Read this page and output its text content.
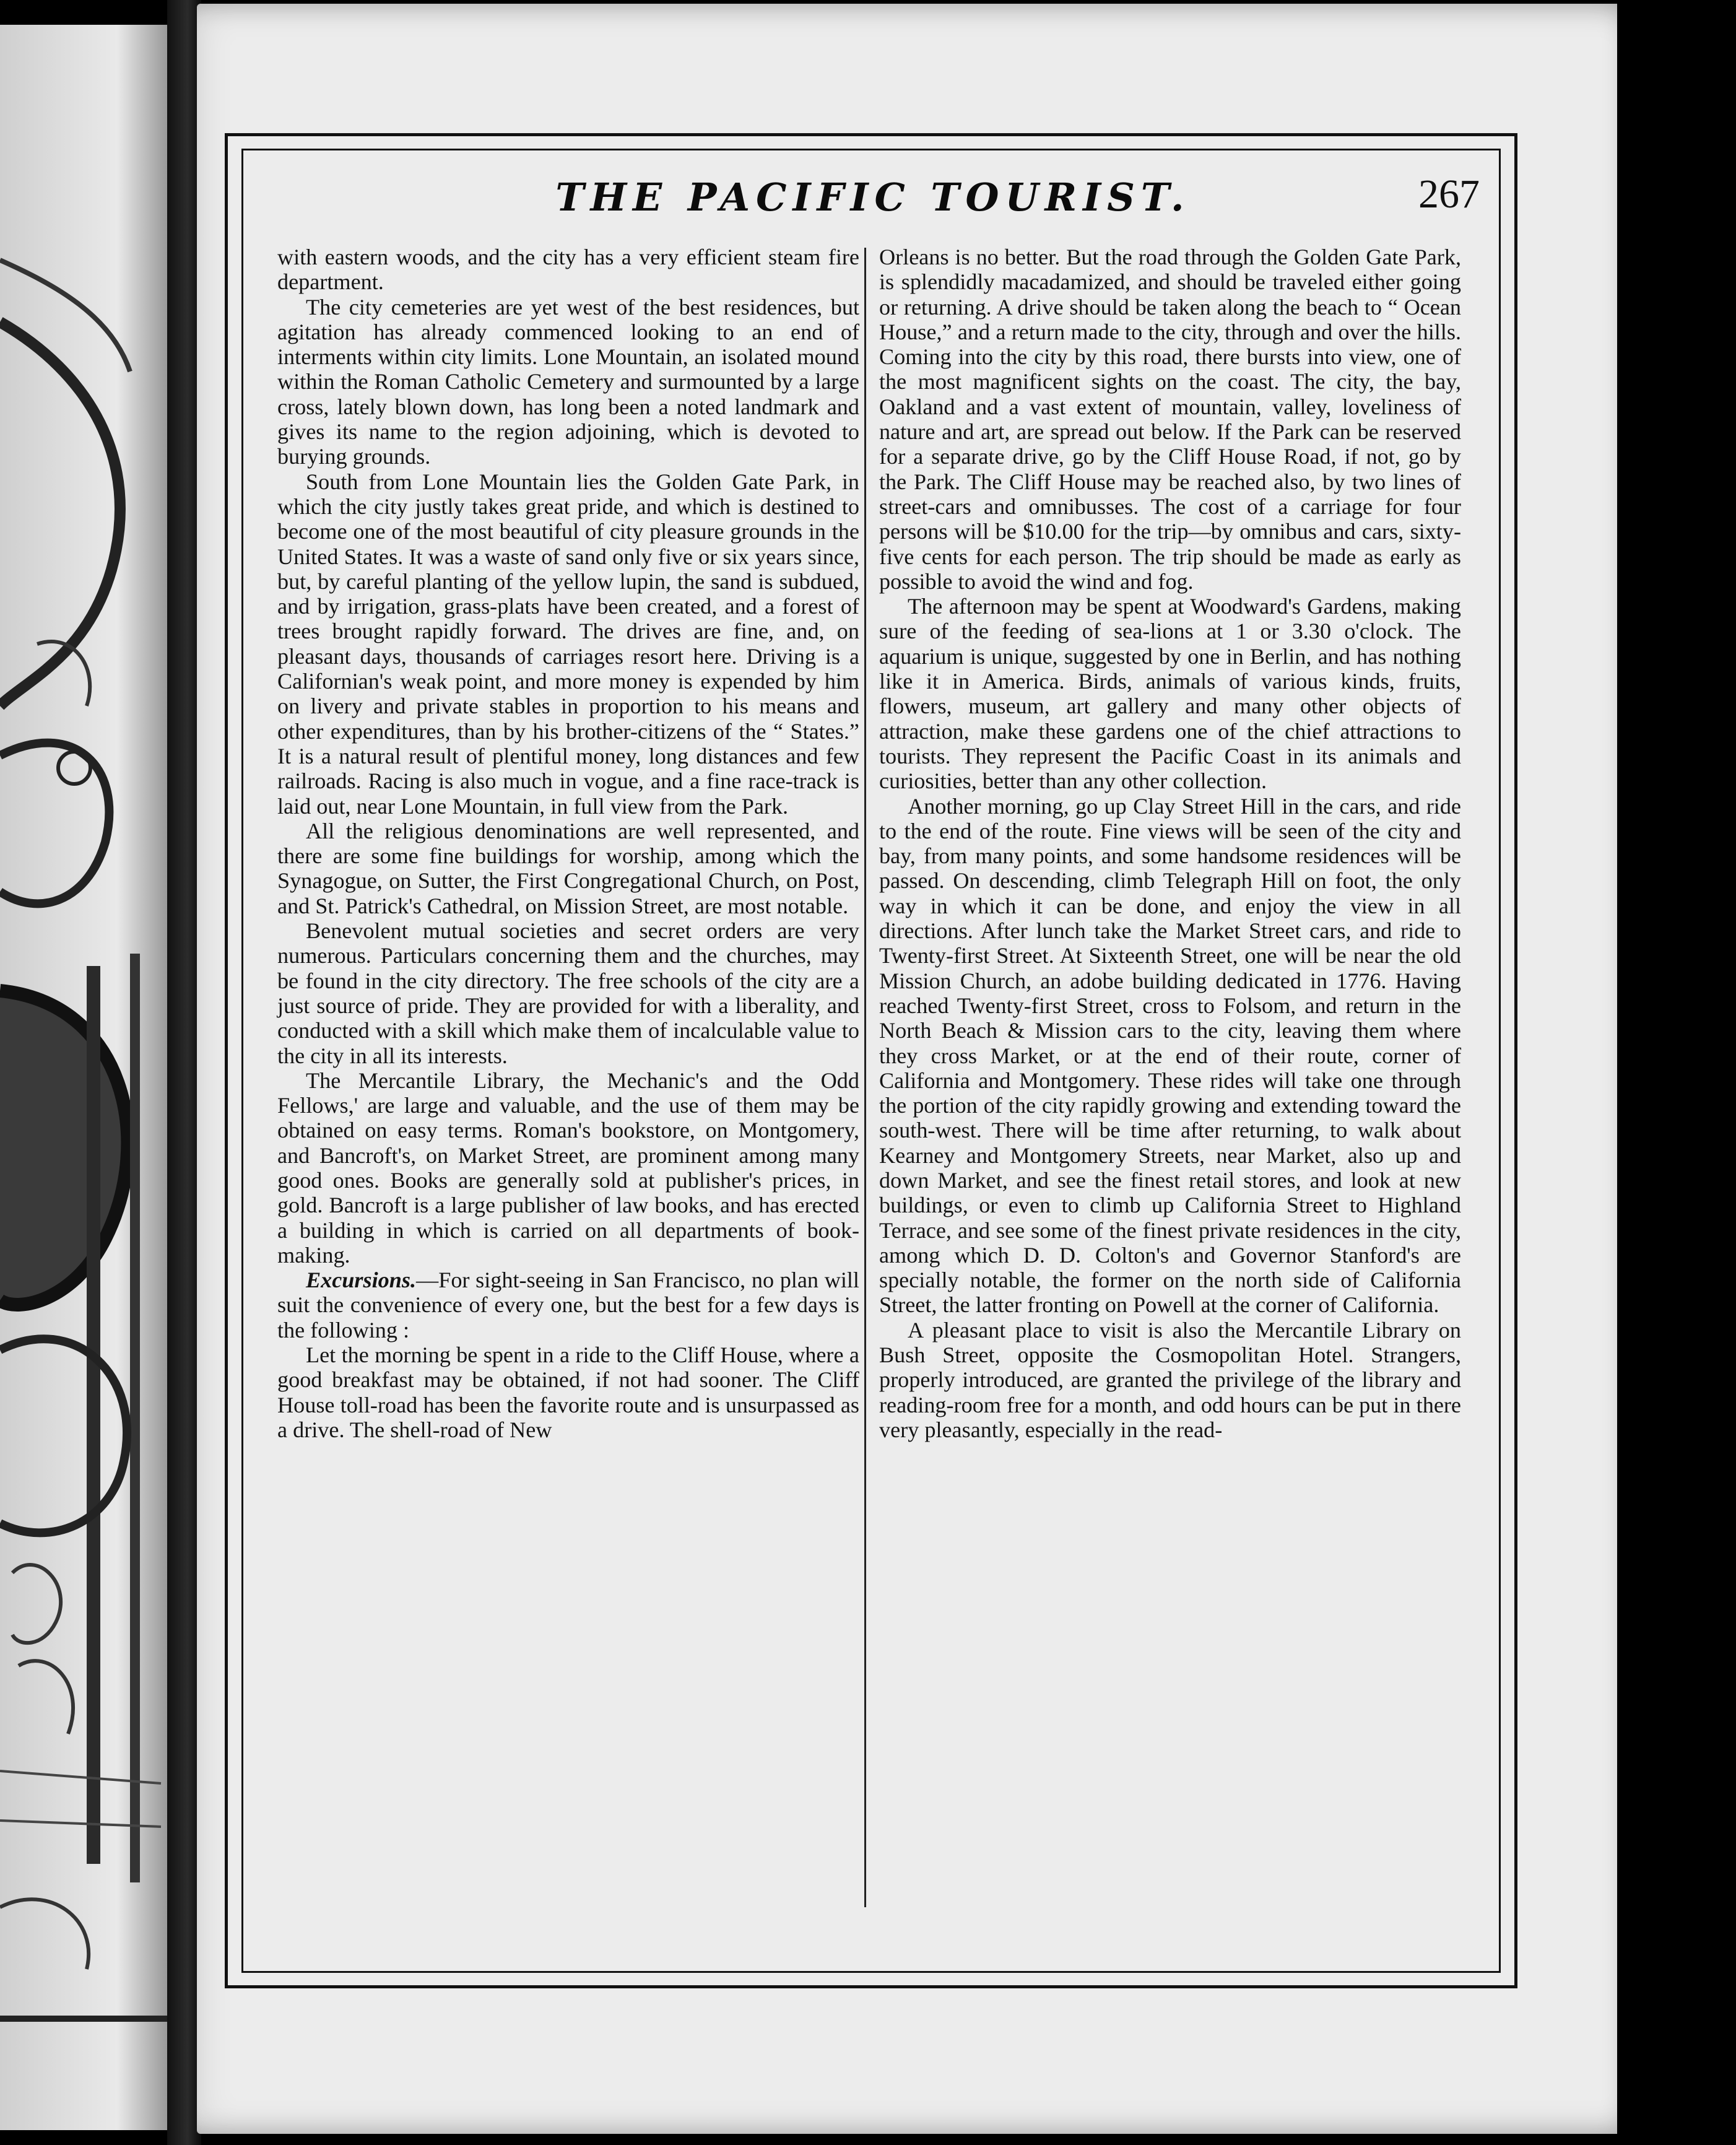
THE PACIFIC TOURIST.	267

with eastern woods, and the city has a very efficient steam fire department.

The city cemeteries are yet west of the best residences, but agitation has already commenced looking to an end of interments within city limits. Lone Mountain, an isolated mound within the Roman Catholic Cemetery and surmounted by a large cross, lately blown down, has long been a noted landmark and gives its name to the region adjoining, which is devoted to burying grounds.

South from Lone Mountain lies the Golden Gate Park, in which the city justly takes great pride, and which is destined to become one of the most beautiful of city pleasure grounds in the United States. It was a waste of sand only five or six years since, but, by careful planting of the yellow lupin, the sand is subdued, and by irrigation, grass-plats have been created, and a forest of trees brought rapidly forward. The drives are fine, and, on pleasant days, thousands of carriages resort here. Driving is a Californian's weak point, and more money is expended by him on livery and private stables in proportion to his means and other expenditures, than by his brother-citizens of the “ States.” It is a natural result of plentiful money, long distances and few railroads. Racing is also much in vogue, and a fine race-track is laid out, near Lone Mountain, in full view from the Park.

All the religious denominations are well represented, and there are some fine buildings for worship, among which the Synagogue, on Sutter, the First Congregational Church, on Post, and St. Patrick's Cathedral, on Mission Street, are most notable.

Benevolent mutual societies and secret orders are very numerous. Particulars concerning them and the churches, may be found in the city directory. The free schools of the city are a just source of pride. They are provided for with a liberality, and conducted with a skill which make them of incalculable value to the city in all its interests.

The Mercantile Library, the Mechanic's and the Odd Fellows,' are large and valuable, and the use of them may be obtained on easy terms. Roman's bookstore, on Montgomery, and Bancroft's, on Market Street, are prominent among many good ones. Books are generally sold at publisher's prices, in gold. Bancroft is a large publisher of law books, and has erected a building in which is carried on all departments of book-making.

Excursions.—For sight-seeing in San Francisco, no plan will suit the convenience of every one, but the best for a few days is the following :

Let the morning be spent in a ride to the Cliff House, where a good breakfast may be obtained, if not had sooner. The Cliff House toll-road has been the favorite route and is unsurpassed as a drive. The shell-road of New

Orleans is no better. But the road through the Golden Gate Park, is splendidly macadamized, and should be traveled either going or returning. A drive should be taken along the beach to “ Ocean House,” and a return made to the city, through and over the hills. Coming into the city by this road, there bursts into view, one of the most magnificent sights on the coast. The city, the bay, Oakland and a vast extent of mountain, valley, loveliness of nature and art, are spread out below. If the Park can be reserved for a separate drive, go by the Cliff House Road, if not, go by the Park. The Cliff House may be reached also, by two lines of street-cars and omnibusses. The cost of a carriage for four persons will be $10.00 for the trip—by omnibus and cars, sixty-five cents for each person. The trip should be made as early as possible to avoid the wind and fog.

The afternoon may be spent at Woodward's Gardens, making sure of the feeding of sea-lions at 1 or 3.30 o'clock. The aquarium is unique, suggested by one in Berlin, and has nothing like it in America. Birds, animals of various kinds, fruits, flowers, museum, art gallery and many other objects of attraction, make these gardens one of the chief attractions to tourists. They represent the Pacific Coast in its animals and curiosities, better than any other collection.

Another morning, go up Clay Street Hill in the cars, and ride to the end of the route. Fine views will be seen of the city and bay, from many points, and some handsome residences will be passed. On descending, climb Telegraph Hill on foot, the only way in which it can be done, and enjoy the view in all directions. After lunch take the Market Street cars, and ride to Twenty-first Street. At Sixteenth Street, one will be near the old Mission Church, an adobe building dedicated in 1776. Having reached Twenty-first Street, cross to Folsom, and return in the North Beach & Mission cars to the city, leaving them where they cross Market, or at the end of their route, corner of California and Montgomery. These rides will take one through the portion of the city rapidly growing and extending toward the south-west. There will be time after returning, to walk about Kearney and Montgomery Streets, near Market, also up and down Market, and see the finest retail stores, and look at new buildings, or even to climb up California Street to Highland Terrace, and see some of the finest private residences in the city, among which D. D. Colton's and Governor Stanford's are specially notable, the former on the north side of California Street, the latter fronting on Powell at the corner of California.

A pleasant place to visit is also the Mercantile Library on Bush Street, opposite the Cosmopolitan Hotel. Strangers, properly introduced, are granted the privilege of the library and reading-room free for a month, and odd hours can be put in there very pleasantly, especially in the read-
